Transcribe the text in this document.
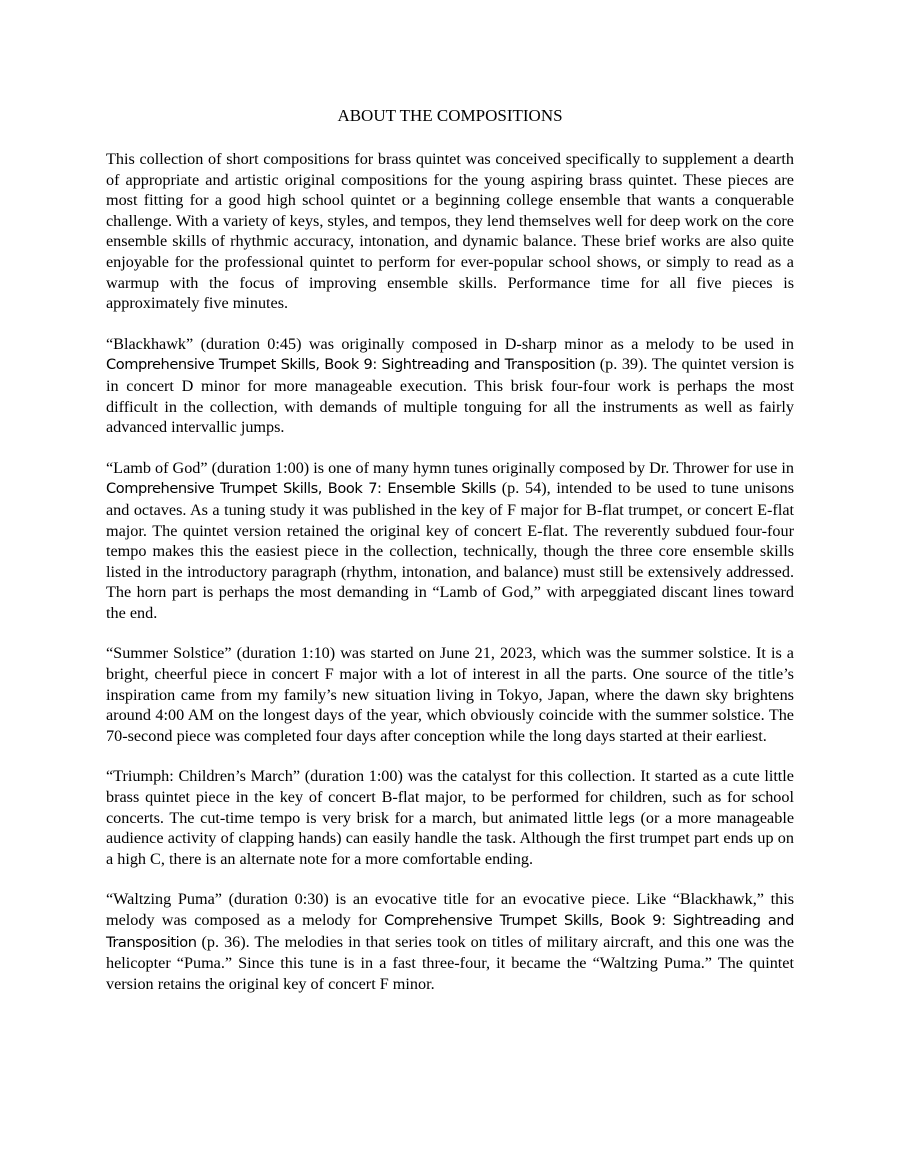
ABOUT THE COMPOSITIONS

This collection of short compositions for brass quintet was conceived specifically to supplement a dearth of appropriate and artistic original compositions for the young aspiring brass quintet. These pieces are most fitting for a good high school quintet or a beginning college ensemble that wants a conquerable challenge. With a variety of keys, styles, and tempos, they lend themselves well for deep work on the core ensemble skills of rhythmic accuracy, intonation, and dynamic balance. These brief works are also quite enjoyable for the professional quintet to perform for ever-popular school shows, or simply to read as a warmup with the focus of improving ensemble skills. Performance time for all five pieces is approximately five minutes.

“Blackhawk” (duration 0:45) was originally composed in D-sharp minor as a melody to be used in Comprehensive Trumpet Skills, Book 9: Sightreading and Transposition (p. 39). The quintet version is in concert D minor for more manageable execution. This brisk four-four work is perhaps the most difficult in the collection, with demands of multiple tonguing for all the instruments as well as fairly advanced intervallic jumps.

“Lamb of God” (duration 1:00) is one of many hymn tunes originally composed by Dr. Thrower for use in Comprehensive Trumpet Skills, Book 7: Ensemble Skills (p. 54), intended to be used to tune unisons and octaves. As a tuning study it was published in the key of F major for B-flat trumpet, or concert E-flat major. The quintet version retained the original key of concert E-flat. The reverently subdued four-four tempo makes this the easiest piece in the collection, technically, though the three core ensemble skills listed in the introductory paragraph (rhythm, intonation, and balance) must still be extensively addressed. The horn part is perhaps the most demanding in “Lamb of God,” with arpeggiated discant lines toward the end.

“Summer Solstice” (duration 1:10) was started on June 21, 2023, which was the summer solstice. It is a bright, cheerful piece in concert F major with a lot of interest in all the parts. One source of the title’s inspiration came from my family’s new situation living in Tokyo, Japan, where the dawn sky brightens around 4:00 AM on the longest days of the year, which obviously coincide with the summer solstice. The 70-second piece was completed four days after conception while the long days started at their earliest.

“Triumph: Children’s March” (duration 1:00) was the catalyst for this collection. It started as a cute little brass quintet piece in the key of concert B-flat major, to be performed for children, such as for school concerts. The cut-time tempo is very brisk for a march, but animated little legs (or a more manageable audience activity of clapping hands) can easily handle the task. Although the first trumpet part ends up on a high C, there is an alternate note for a more comfortable ending.

“Waltzing Puma” (duration 0:30) is an evocative title for an evocative piece. Like “Blackhawk,” this melody was composed as a melody for Comprehensive Trumpet Skills, Book 9: Sightreading and Transposition (p. 36). The melodies in that series took on titles of military aircraft, and this one was the helicopter “Puma.” Since this tune is in a fast three-four, it became the “Waltzing Puma.” The quintet version retains the original key of concert F minor.
